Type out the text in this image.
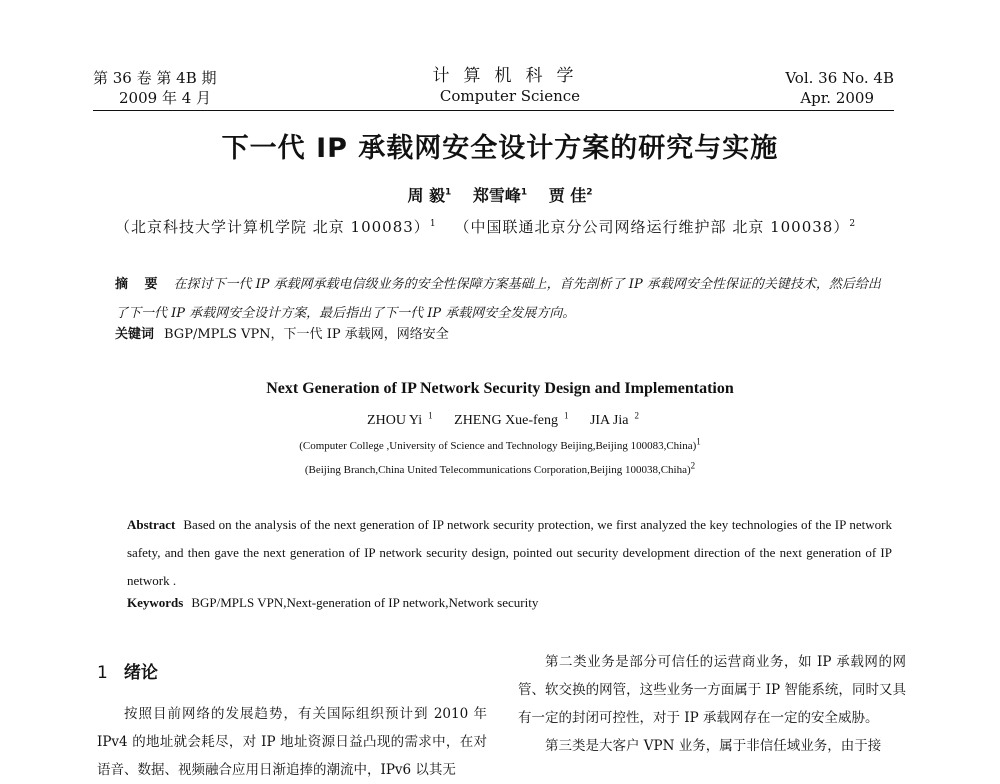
第 36 卷 第 4B 期
2009 年 4 月
计算机科学
Computer Science
Vol. 36 No. 4B
Apr. 2009
下一代 IP 承载网安全设计方案的研究与实施
周 毅$^1$ 郑雪峰$^1$ 贾 佳$^2$
（北京科技大学计算机学院 北京 100083）$^1$ （中国联通北京分公司网络运行维护部 北京 100038）$^2$
摘 要 在探讨下一代 IP 承载网承载电信级业务的安全性保障方案基础上，首先剖析了 IP 承载网安全性保证的关键技术，然后给出了下一代 IP 承载网安全设计方案，最后指出了下一代 IP 承载网安全发展方向。
关键词 BGP/MPLS VPN，下一代 IP 承载网，网络安全
Next Generation of IP Network Security Design and Implementation
ZHOU Yi $^1$ ZHENG Xue-feng $^1$ JIA Jia $^2$
(Computer College ,University of Science and Technology Beijing,Beijing 100083,China)$^1$
(Beijing Branch,China United Telecommunications Corporation,Beijing 100038,Chiha)$^2$
Abstract Based on the analysis of the next generation of IP network security protection, we first analyzed the key technologies of the IP network safety, and then gave the next generation of IP network security design, pointed out security development direction of the next generation of IP network .
Keywords BGP/MPLS VPN,Next-generation of IP network,Network security
1 绪论
按照目前网络的发展趋势，有关国际组织预计到 2010 年 IPv4 的地址就会耗尽，对 IP 地址资源日益凸现的需求中，在对语音、数据、视频融合应用日渐追捧的潮流中，IPv6 以其无
第二类业务是部分可信任的运营商业务，如 IP 承载网的网管、软交换的网管，这些业务一方面属于 IP 智能系统，同时又具有一定的封闭可控性，对于 IP 承载网存在一定的安全威胁。
第三类是大客户 VPN 业务，属于非信任域业务，由于接
